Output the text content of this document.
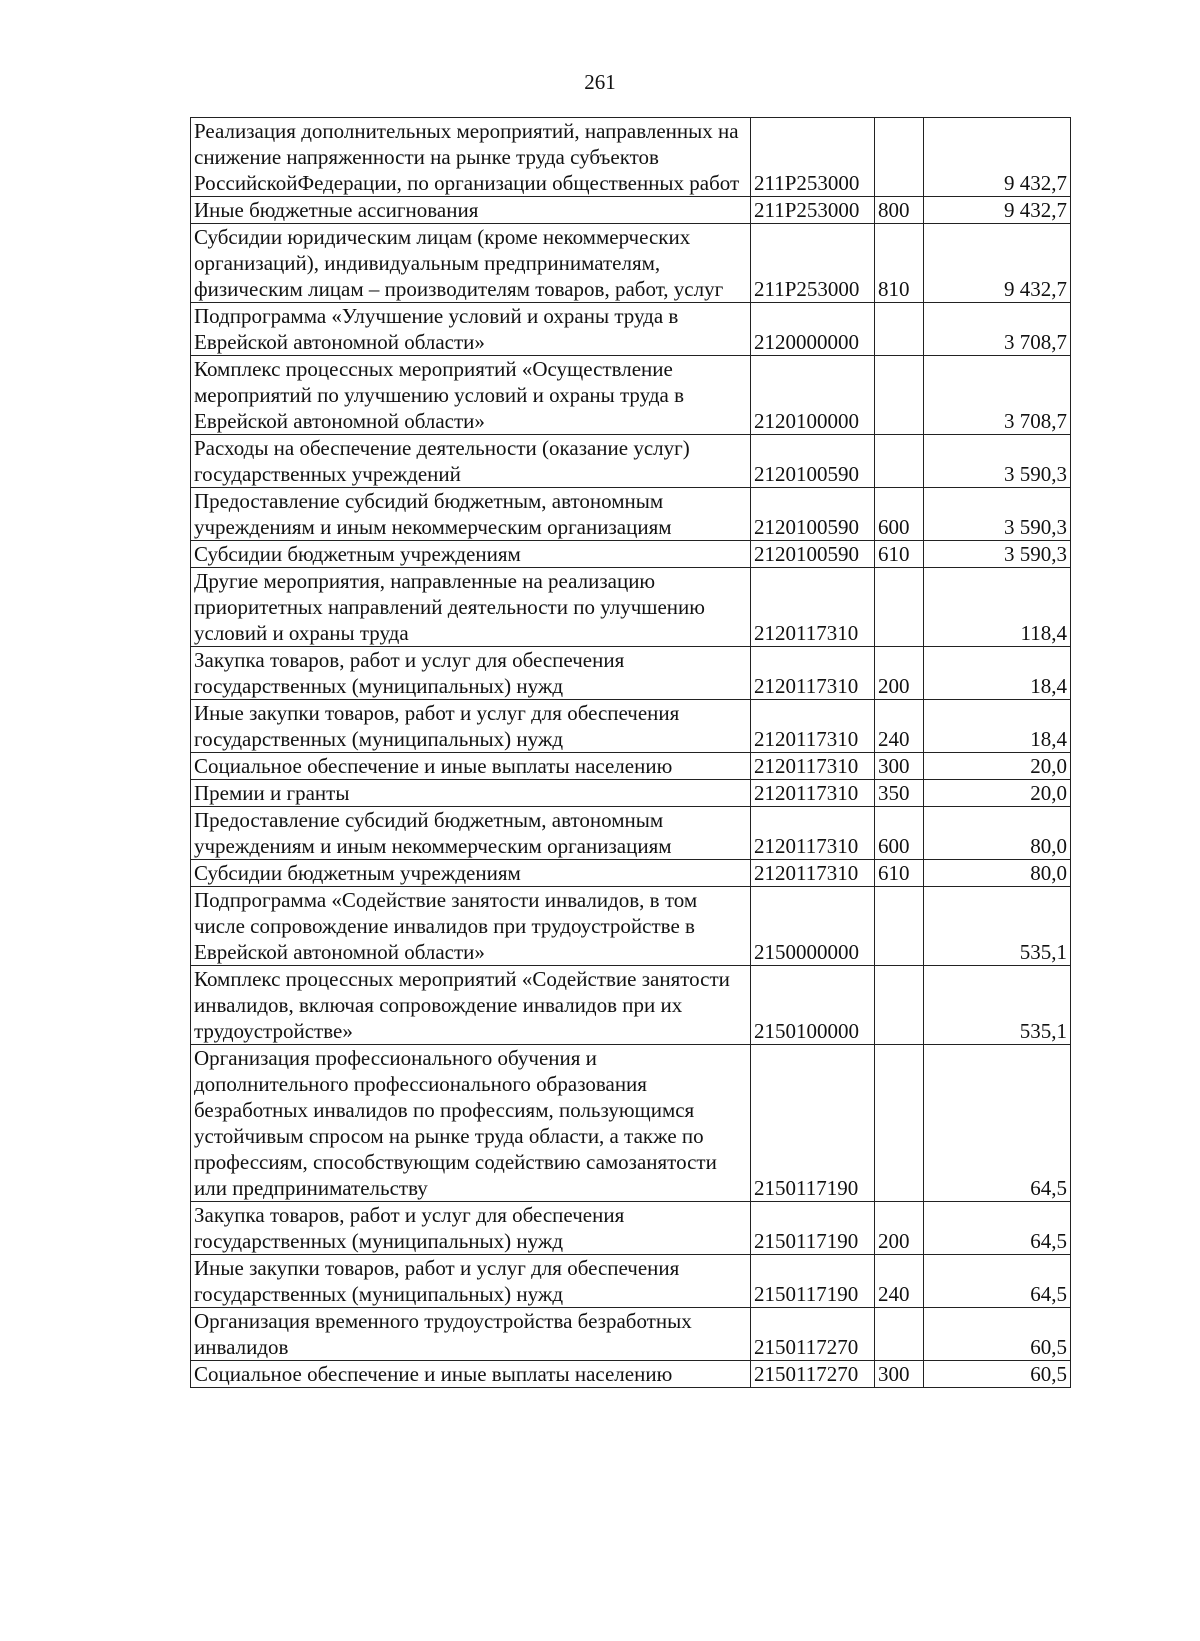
261
Реализация дополнительных мероприятий, направленных на снижение напряженности на рынке труда субъектов РоссийскойФедерации, по организации общественных работ	211P253000		9 432,7
Иные бюджетные ассигнования	211P253000	800	9 432,7
Субсидии юридическим лицам (кроме некоммерческих организаций), индивидуальным предпринимателям, физическим лицам – производителям товаров, работ, услуг	211P253000	810	9 432,7
Подпрограмма «Улучшение условий и охраны труда в Еврейской автономной области»	2120000000		3 708,7
Комплекс процессных мероприятий «Осуществление мероприятий по улучшению условий и охраны труда в Еврейской автономной области»	2120100000		3 708,7
Расходы на обеспечение деятельности (оказание услуг) государственных учреждений	2120100590		3 590,3
Предоставление субсидий бюджетным, автономным учреждениям и иным некоммерческим организациям	2120100590	600	3 590,3
Субсидии бюджетным учреждениям	2120100590	610	3 590,3
Другие мероприятия, направленные на реализацию приоритетных направлений деятельности по улучшению условий и охраны труда	2120117310		118,4
Закупка товаров, работ и услуг для обеспечения государственных (муниципальных) нужд	2120117310	200	18,4
Иные закупки товаров, работ и услуг для обеспечения государственных (муниципальных) нужд	2120117310	240	18,4
Социальное обеспечение и иные выплаты населению	2120117310	300	20,0
Премии и гранты	2120117310	350	20,0
Предоставление субсидий бюджетным, автономным учреждениям и иным некоммерческим организациям	2120117310	600	80,0
Субсидии бюджетным учреждениям	2120117310	610	80,0
Подпрограмма «Содействие занятости инвалидов, в том числе сопровождение инвалидов при трудоустройстве в Еврейской автономной области»	2150000000		535,1
Комплекс процессных мероприятий «Содействие занятости инвалидов, включая сопровождение инвалидов при их трудоустройстве»	2150100000		535,1
Организация профессионального обучения и дополнительного профессионального образования безработных инвалидов по профессиям, пользующимся устойчивым спросом на рынке труда области, а также по профессиям, способствующим содействию самозанятости или предпринимательству	2150117190		64,5
Закупка товаров, работ и услуг для обеспечения государственных (муниципальных) нужд	2150117190	200	64,5
Иные закупки товаров, работ и услуг для обеспечения государственных (муниципальных) нужд	2150117190	240	64,5
Организация временного трудоустройства безработных инвалидов	2150117270		60,5
Социальное обеспечение и иные выплаты населению	2150117270	300	60,5
